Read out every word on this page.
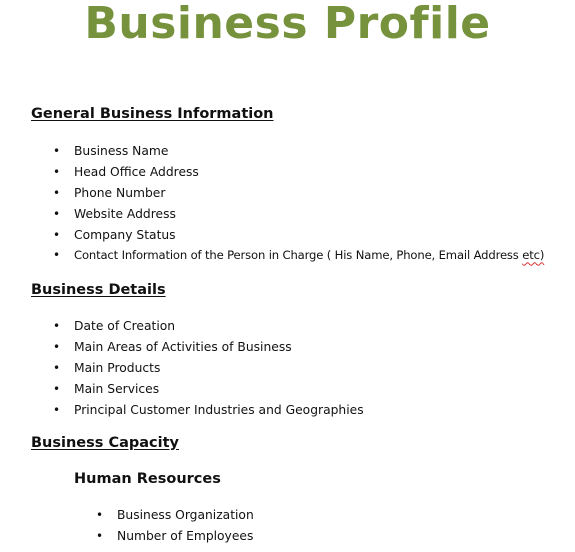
Business Profile
General Business Information
• Business Name
• Head Office Address
• Phone Number
• Website Address
• Company Status
• Contact Information of the Person in Charge ( His Name, Phone, Email Address etc)
Business Details
• Date of Creation
• Main Areas of Activities of Business
• Main Products
• Main Services
• Principal Customer Industries and Geographies
Business Capacity
Human Resources
• Business Organization
• Number of Employees
